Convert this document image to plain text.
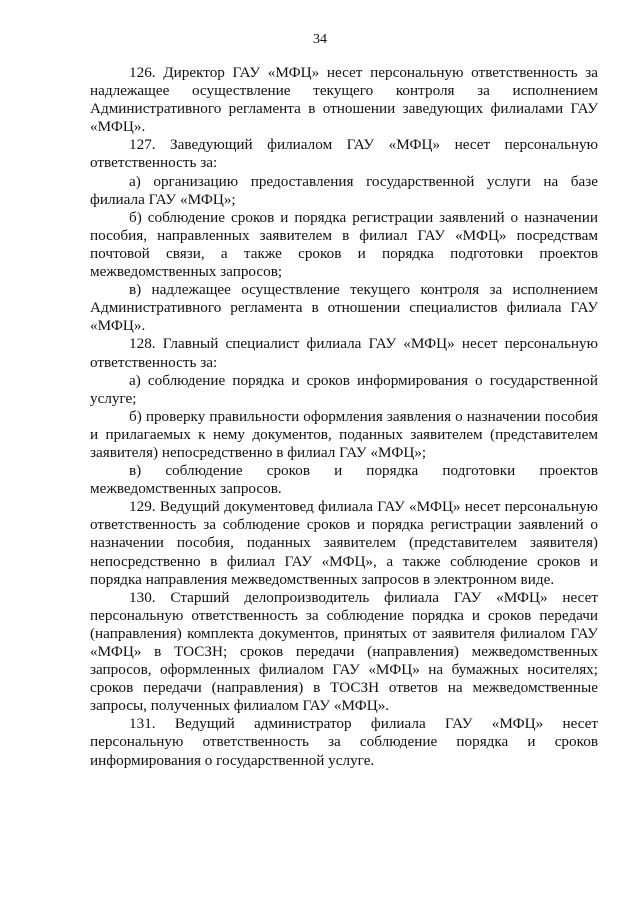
34

126. Директор ГАУ «МФЦ» несет персональную ответственность за надлежащее осуществление текущего контроля за исполнением Административного регламента в отношении заведующих филиалами ГАУ «МФЦ».

127. Заведующий филиалом ГАУ «МФЦ» несет персональную ответственность за:

а) организацию предоставления государственной услуги на базе филиала ГАУ «МФЦ»;

б) соблюдение сроков и порядка регистрации заявлений о назначении пособия, направленных заявителем в филиал ГАУ «МФЦ» посредствам почтовой связи, а также сроков и порядка подготовки проектов межведомственных запросов;

в) надлежащее осуществление текущего контроля за исполнением Административного регламента в отношении специалистов филиала ГАУ «МФЦ».

128. Главный специалист филиала ГАУ «МФЦ» несет персональную ответственность за:

а) соблюдение порядка и сроков информирования о государственной услуге;

б) проверку правильности оформления заявления о назначении пособия и прилагаемых к нему документов, поданных заявителем (представителем заявителя) непосредственно в филиал ГАУ «МФЦ»;

в) соблюдение сроков и порядка подготовки проектов межведомственных запросов.

129. Ведущий документовед филиала ГАУ «МФЦ» несет персональную ответственность за соблюдение сроков и порядка регистрации заявлений о назначении пособия, поданных заявителем (представителем заявителя) непосредственно в филиал ГАУ «МФЦ», а также соблюдение сроков и порядка направления межведомственных запросов в электронном виде.

130. Старший делопроизводитель филиала ГАУ «МФЦ» несет персональную ответственность за соблюдение порядка и сроков передачи (направления) комплекта документов, принятых от заявителя филиалом ГАУ «МФЦ» в ТОСЗН; сроков передачи (направления) межведомственных запросов, оформленных филиалом ГАУ «МФЦ» на бумажных носителях; сроков передачи (направления) в ТОСЗН ответов на межведомственные запросы, полученных филиалом ГАУ «МФЦ».

131. Ведущий администратор филиала ГАУ «МФЦ» несет персональную ответственность за соблюдение порядка и сроков информирования о государственной услуге.
